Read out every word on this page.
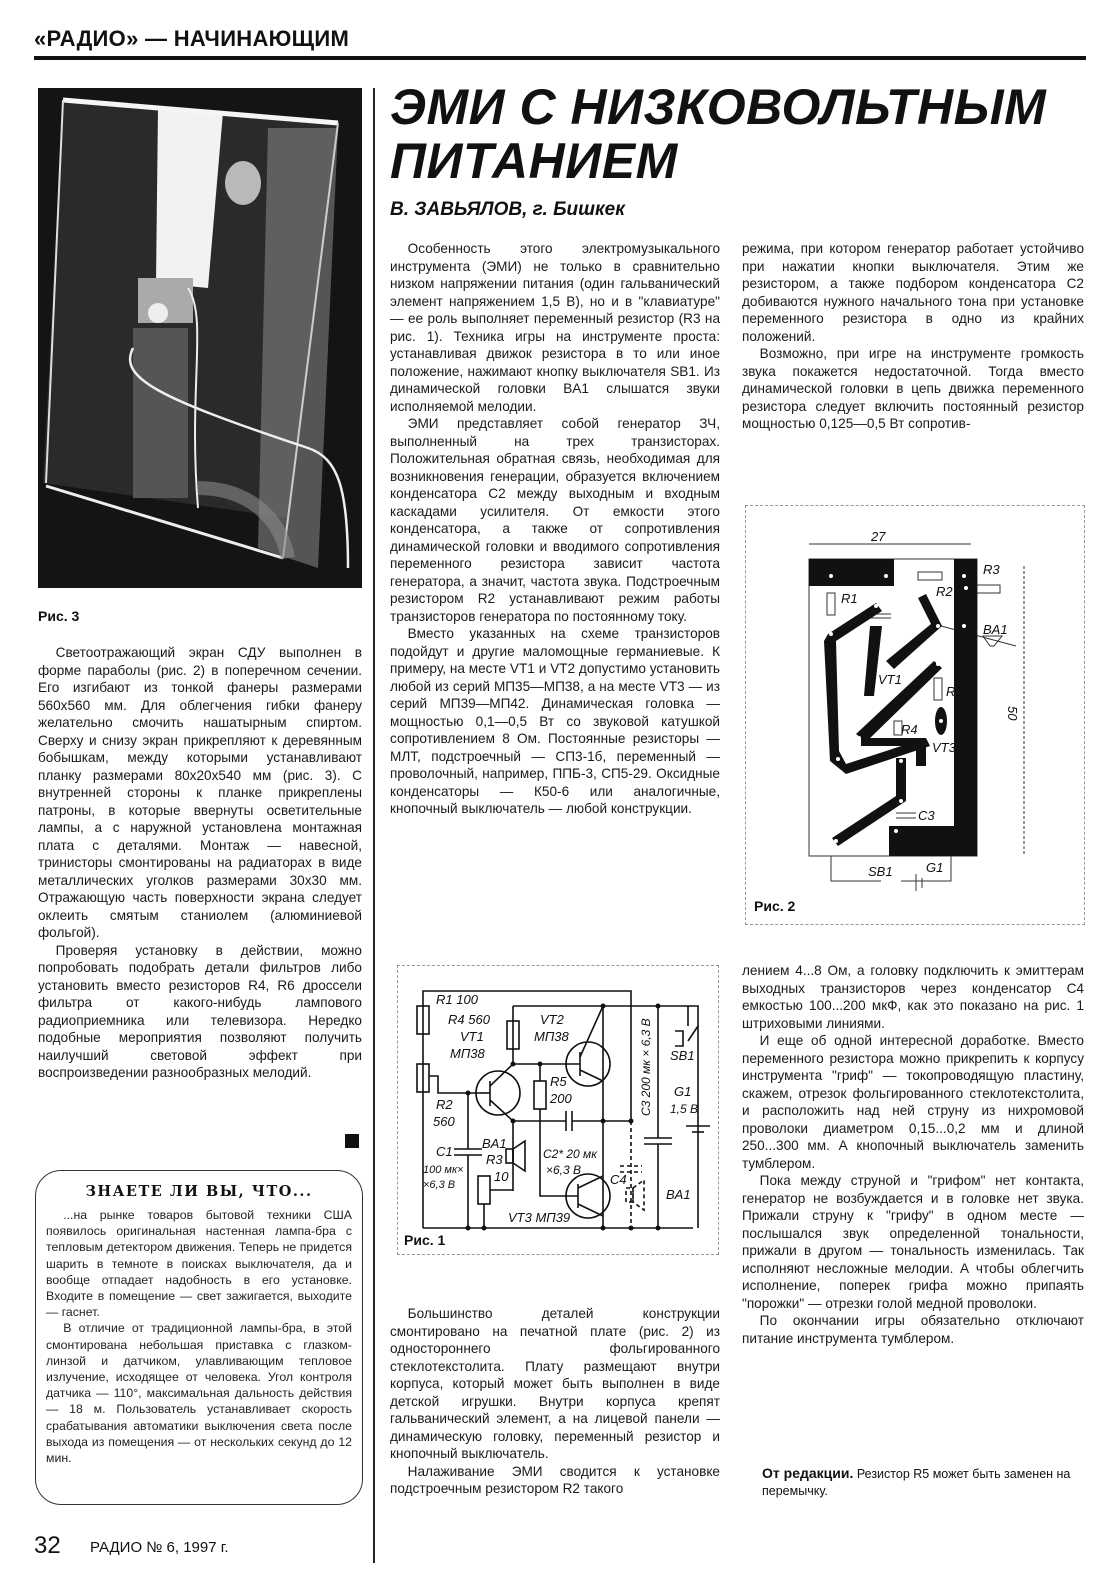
«РАДИО» — НАЧИНАЮЩИМ
Рис. 3
ЭМИ С НИЗКОВОЛЬТНЫМ
ПИТАНИЕМ
В. ЗАВЬЯЛОВ, г. Бишкек

Светоотражающий экран СДУ выполнен в форме параболы (рис. 2) в поперечном сечении. Его изгибают из тонкой фанеры размерами 560x560 мм. Для облегчения гибки фанеру желательно смочить нашатырным спиртом. Сверху и снизу экран прикрепляют к деревянным бобышкам, между которыми устанавливают планку размерами 80x20x540 мм (рис. 3). С внутренней стороны к планке прикреплены патроны, в которые ввернуты осветительные лампы, а с наружной установлена монтажная плата с деталями. Монтаж — навесной, тринисторы смонтированы на радиаторах в виде металлических уголков размерами 30x30 мм. Отражающую часть поверхности экрана следует оклеить смятым станиолем (алюминиевой фольгой).

Проверяя установку в действии, можно попробовать подобрать детали фильтров либо установить вместо резисторов R4, R6 дроссели фильтра от какого-нибудь лампового радиоприемника или телевизора. Нередко подобные мероприятия позволяют получить наилучший световой эффект при воспроизведении разнообразных мелодий.

ЗНАЕТЕ ЛИ ВЫ, ЧТО...

...на рынке товаров бытовой техники США появилось оригинальная настенная лампа-бра с тепловым детектором движения. Теперь не придется шарить в темноте в поисках выключателя, да и вообще отпадает надобность в его установке. Входите в помещение — свет зажигается, выходите — гаснет.

В отличие от традиционной лампы-бра, в этой смонтирована небольшая приставка с глазком-линзой и датчиком, улавливающим тепловое излучение, исходящее от человека. Угол контроля датчика — 110°, максимальная дальность действия — 18 м. Пользователь устанавливает скорость срабатывания автоматики выключения света после выхода из помещения — от нескольких секунд до 12 мин.

Особенность этого электромузыкального инструмента (ЭМИ) не только в сравнительно низком напряжении питания (один гальванический элемент напряжением 1,5 В), но и в "клавиатуре" — ее роль выполняет переменный резистор (R3 на рис. 1). Техника игры на инструменте проста: устанавливая движок резистора в то или иное положение, нажимают кнопку выключателя SB1. Из динамической головки BA1 слышатся звуки исполняемой мелодии.

ЭМИ представляет собой генератор ЗЧ, выполненный на трех транзисторах. Положительная обратная связь, необходимая для возникновения генерации, образуется включением конденсатора С2 между выходным и входным каскадами усилителя. От емкости этого конденсатора, а также от сопротивления динамической головки и вводимого сопротивления переменного резистора зависит частота генератора, а значит, частота звука. Подстроечным резистором R2 устанавливают режим работы транзисторов генератора по постоянному току.

Вместо указанных на схеме транзисторов подойдут и другие маломощные германиевые. К примеру, на месте VT1 и VT2 допустимо установить любой из серий МП35—МП38, а на месте VT3 — из серий МП39—МП42. Динамическая головка — мощностью 0,1—0,5 Вт со звуковой катушкой сопротивлением 8 Ом. Постоянные резисторы — МЛТ, подстроечный — СП3-1б, переменный — проволочный, например, ППБ-3, СП5-29. Оксидные конденсаторы — К50-6 или аналогичные, кнопочный выключатель — любой конструкции.

R1 100
R4 560
VT1
МП38
VT2
МП38
R2
560
R5
200
C1
100 мк×
×6,3 В
BA1
R3
10
C2* 20 мк
×6,3 В
C4
SB1
G1
1,5 В
VT3 МП39
BA1
C3 200 мк × 6,3 В
Рис. 1

Большинство деталей конструкции смонтировано на печатной плате (рис. 2) из одностороннего фольгированного стеклотекстолита. Плату размещают внутри корпуса, который может быть выполнен в виде детской игрушки. Внутри корпуса крепят гальванический элемент, а на лицевой панели — динамическую головку, переменный резистор и кнопочный выключатель.

Налаживание ЭМИ сводится к установке подстроечным резистором R2 такого

режима, при котором генератор работает устойчиво при нажатии кнопки выключателя. Этим же резистором, а также подбором конденсатора С2 добиваются нужного начального тона при установке переменного резистора в одно из крайних положений.

Возможно, при игре на инструменте громкость звука покажется недостаточной. Тогда вместо динамической головки в цепь движка переменного резистора следует включить постоянный резистор мощностью 0,125—0,5 Вт сопротив-

27
50
R1	R2
R3
R4
R5
BA1
VT1
VT3
C3
SB1	G1
Рис. 2

лением 4...8 Ом, а головку подключить к эмиттерам выходных транзисторов через конденсатор С4 емкостью 100...200 мкФ, как это показано на рис. 1 штриховыми линиями.

И еще об одной интересной доработке. Вместо переменного резистора можно прикрепить к корпусу инструмента "гриф" — токопроводящую пластину, скажем, отрезок фольгированного стеклотекстолита, и расположить над ней струну из нихромовой проволоки диаметром 0,15...0,2 мм и длиной 250...300 мм. А кнопочный выключатель заменить тумблером.

Пока между струной и "грифом" нет контакта, генератор не возбуждается и в головке нет звука. Прижали струну к "грифу" в одном месте — послышался звук определенной тональности, прижали в другом — тональность изменилась. Так исполняют несложные мелодии. А чтобы облегчить исполнение, поперек грифа можно припаять "порожки" — отрезки голой медной проволоки.

По окончании игры обязательно отключают питание инструмента тумблером.

От редакции. Резистор R5 может быть заменен на перемычку.
32 РАДИО № 6, 1997 г.
